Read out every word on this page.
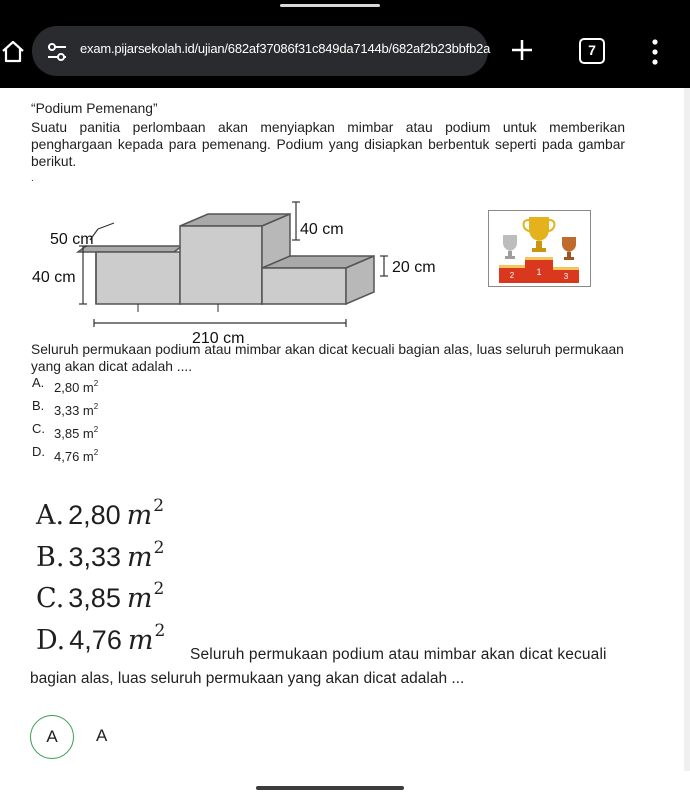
exam.pijarsekolah.id/ujian/682af37086f31c849da7144b/682af2b23bbfb2a	7
“Podium Pemenang”
Suatu panitia perlombaan akan menyiapkan mimbar atau podium untuk memberikan penghargaan kepada para pemenang. Podium yang disiapkan berbentuk seperti pada gambar berikut.
.
50 cm
40 cm
40 cm
20 cm
210 cm
1
2	3
Seluruh permukaan podium atau mimbar akan dicat kecuali bagian alas, luas seluruh permukaan yang akan dicat adalah ....
A. 2,80 $m^2$
B. 3,33 $m^2$
C. 3,85 $m^2$
D. 4,76 $m^2$
A. 2,80 $m^2$
B. 3,33 $m^2$
C. 3,85 $m^2$
D. 4,76 $m^2$
Seluruh permukaan podium atau mimbar akan dicat kecuali
bagian alas, luas seluruh permukaan yang akan dicat adalah ...
A	A
